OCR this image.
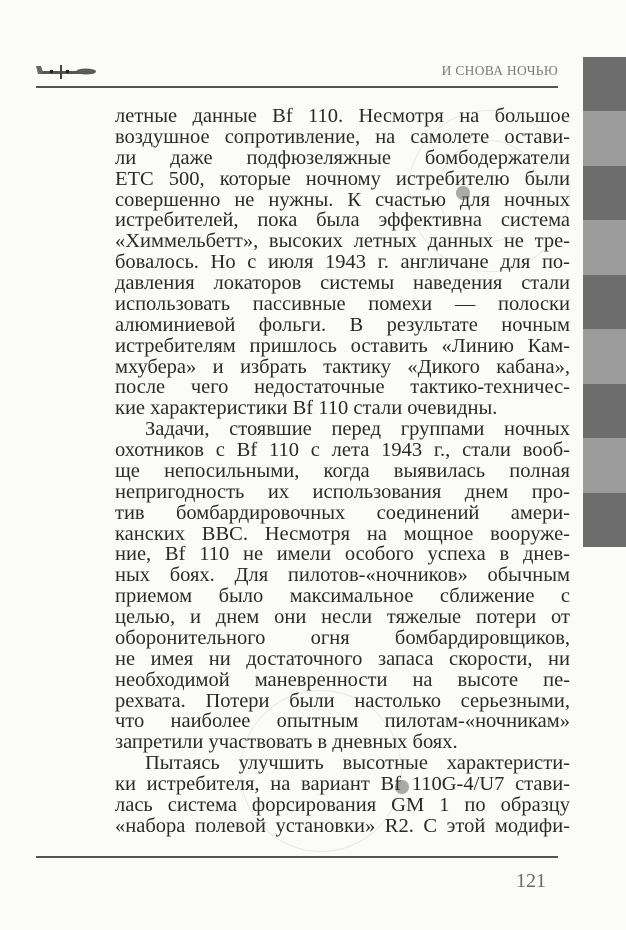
И СНОВА НОЧЬЮ
летные данные Bf 110. Несмотря на большое
воздушное сопротивление, на самолете остави-
ли даже подфюзеляжные бомбодержатели
ETC 500, которые ночному истребителю были
совершенно не нужны. К счастью для ночных
истребителей, пока была эффективна система
«Химмельбетт», высоких летных данных не тре-
бовалось. Но с июля 1943 г. англичане для по-
давления локаторов системы наведения стали
использовать пассивные помехи — полоски
алюминиевой фольги. В результате ночным
истребителям пришлось оставить «Линию Кам-
мхубера» и избрать тактику «Дикого кабана»,
после чего недостаточные тактико-техничес-
кие характеристики Bf 110 стали очевидны.
Задачи, стоявшие перед группами ночных
охотников с Bf 110 с лета 1943 г., стали вооб-
ще непосильными, когда выявилась полная
непригодность их использования днем про-
тив бомбардировочных соединений амери-
канских ВВС. Несмотря на мощное вооруже-
ние, Bf 110 не имели особого успеха в днев-
ных боях. Для пилотов-«ночников» обычным
приемом было максимальное сближение с
целью, и днем они несли тяжелые потери от
оборонительного огня бомбардировщиков,
не имея ни достаточного запаса скорости, ни
необходимой маневренности на высоте пе-
рехвата. Потери были настолько серьезными,
что наиболее опытным пилотам-«ночникам»
запретили участвовать в дневных боях.
Пытаясь улучшить высотные характеристи-
ки истребителя, на вариант Bf 110G-4/U7 стави-
лась система форсирования GM 1 по образцу
«набора полевой установки» R2. С этой модифи-
121
